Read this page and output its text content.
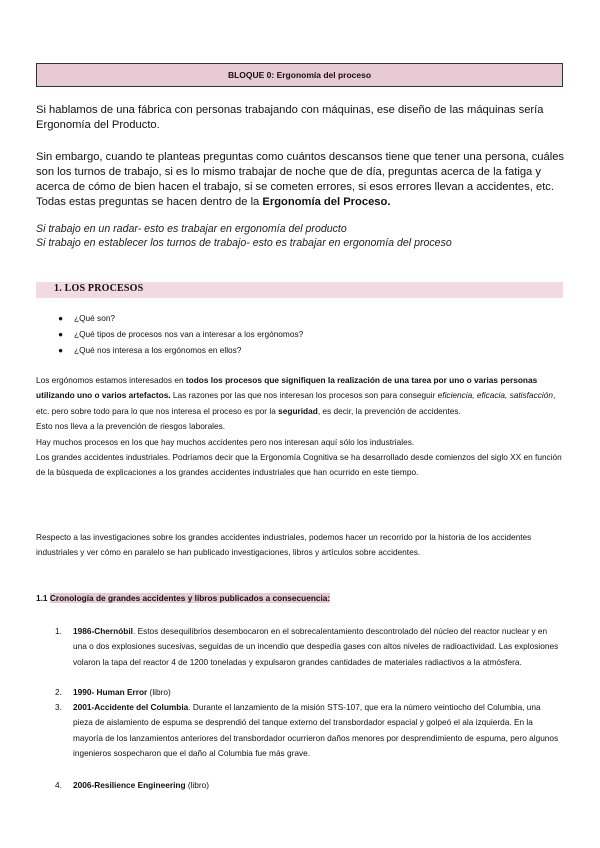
BLOQUE 0: Ergonomía del proceso
Si hablamos de una fábrica con personas trabajando con máquinas, ese diseño de las máquinas sería Ergonomía del Producto.
Sin embargo, cuando te planteas preguntas como cuántos descansos tiene que tener una persona, cuáles son los turnos de trabajo, si es lo mismo trabajar de noche que de día, preguntas acerca de la fatiga y acerca de cómo de bien hacen el trabajo, si se cometen errores, si esos errores llevan a accidentes, etc. Todas estas preguntas se hacen dentro de la Ergonomía del Proceso.
Si trabajo en un radar- esto es trabajar en ergonomía del producto
Si trabajo en establecer los turnos de trabajo- esto es trabajar en ergonomía del proceso
1. LOS PROCESOS
● ¿Qué son?
● ¿Qué tipos de procesos nos van a interesar a los ergónomos?
● ¿Qué nos interesa a los ergónomos en ellos?
Los ergónomos estamos interesados en todos los procesos que signifiquen la realización de una tarea por uno o varias personas utilizando uno o varios artefactos. Las razones por las que nos interesan los procesos son para conseguir eficiencia, eficacia, satisfacción, etc. pero sobre todo para lo que nos interesa el proceso es por la seguridad, es decir, la prevención de accidentes.
Esto nos lleva a la prevención de riesgos laborales.
Hay muchos procesos en los que hay muchos accidentes pero nos interesan aquí sólo los industriales.
Los grandes accidentes industriales. Podríamos decir que la Ergonomía Cognitiva se ha desarrollado desde comienzos del siglo XX en función de la búsqueda de explicaciones a los grandes accidentes industriales que han ocurrido en este tiempo.
Respecto a las investigaciones sobre los grandes accidentes industriales, podemos hacer un recorrido por la historia de los accidentes industriales y ver cómo en paralelo se han publicado investigaciones, libros y artículos sobre accidentes.
1.1 Cronología de grandes accidentes y libros publicados a consecuencia:
1.	1986-Chernóbil. Estos desequilibrios desembocaron en el sobrecalentamiento descontrolado del núcleo del reactor nuclear y en una o dos explosiones sucesivas, seguidas de un incendio que despedía gases con altos niveles de radioactividad. Las explosiones volaron la tapa del reactor 4 de 1200 toneladas y expulsaron grandes cantidades de materiales radiactivos a la atmósfera.
2.	1990- Human Error (libro)
3.	2001-Accidente del Columbia. Durante el lanzamiento de la misión STS-107, que era la número veintiocho del Columbia, una pieza de aislamiento de espuma se desprendió del tanque externo del transbordador espacial y golpeó el ala izquierda. En la mayoría de los lanzamientos anteriores del transbordador ocurrieron daños menores por desprendimiento de espuma, pero algunos ingenieros sospecharon que el daño al Columbia fue más grave.
4.	2006-Resilience Engineering (libro)
